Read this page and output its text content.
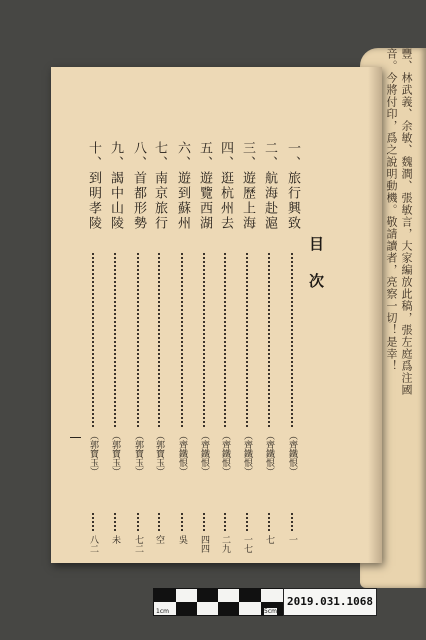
豐、林武義、余敏、魏澗、張敏言，大家編放此稿，張左庭爲注國
音。今將付印，爲之說明動機。敬請讀者，亮察一切！是幸！
目次
一、旅行興致
（齊鐵恨）
一
二、航海赴滬
（齊鐵恨）
七
三、遊歷上海
（齊鐵恨）
一七
四、逛杭州去
（齊鐵恨）
二九
五、遊覽西湖
（齊鐵恨）
四四
六、遊到蘇州
（齊鐵恨）
吳
七、南京旅行
（郭寶玉）
空
八、首都形勢
（郭寶玉）
七二
九、謁中山陵
（郭寶玉）
未
十、到明孝陵
（郭寶玉）
八二
1cm	5cm
2019.031.1068
